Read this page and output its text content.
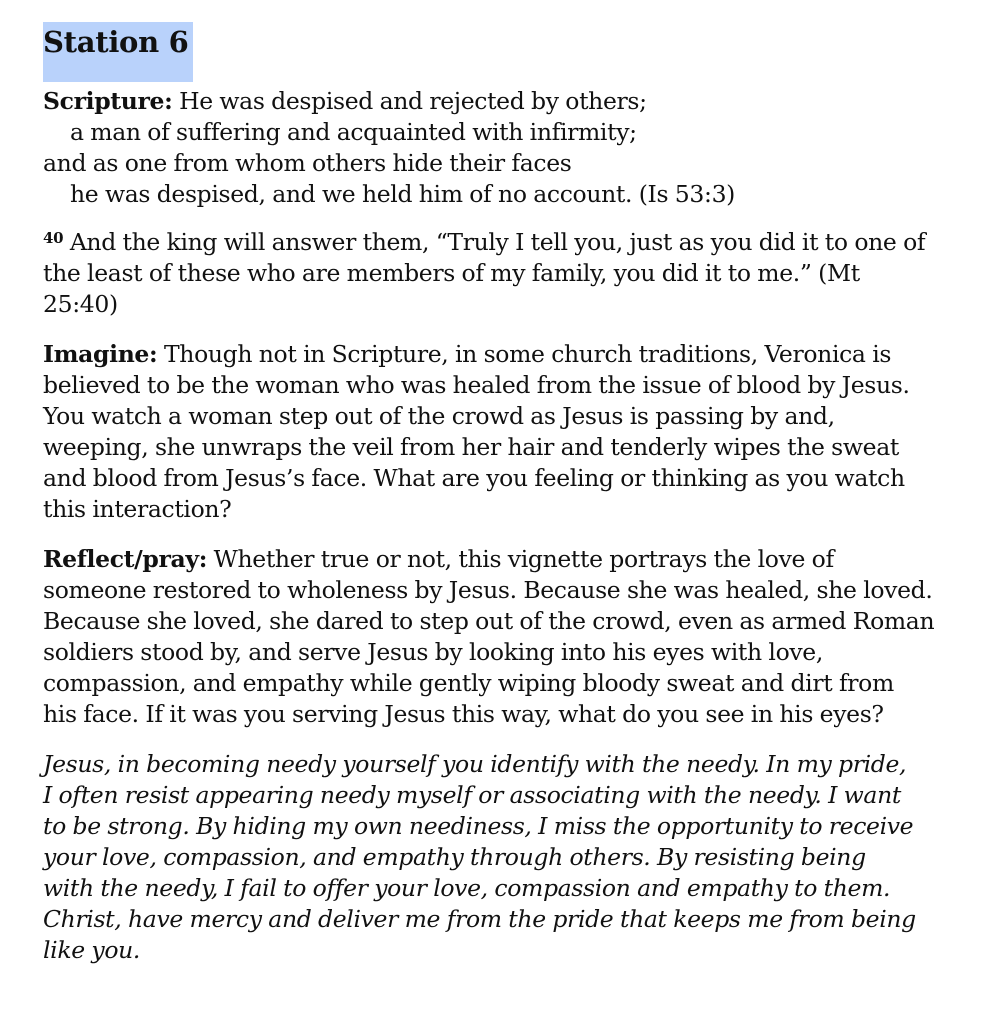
Station 6

Scripture: He was despised and rejected by others;
a man of suffering and acquainted with infirmity;
and as one from whom others hide their faces
he was despised, and we held him of no account. (Is 53:3)

$^{40}$ And the king will answer them, “Truly I tell you, just as you did it to one of
the least of these who are members of my family, you did it to me.” (Mt
25:40)

Imagine: Though not in Scripture, in some church traditions, Veronica is
believed to be the woman who was healed from the issue of blood by Jesus.
You watch a woman step out of the crowd as Jesus is passing by and,
weeping, she unwraps the veil from her hair and tenderly wipes the sweat
and blood from Jesus’s face. What are you feeling or thinking as you watch
this interaction?

Reflect/pray: Whether true or not, this vignette portrays the love of
someone restored to wholeness by Jesus. Because she was healed, she loved.
Because she loved, she dared to step out of the crowd, even as armed Roman
soldiers stood by, and serve Jesus by looking into his eyes with love,
compassion, and empathy while gently wiping bloody sweat and dirt from
his face. If it was you serving Jesus this way, what do you see in his eyes?

Jesus, in becoming needy yourself you identify with the needy. In my pride,
I often resist appearing needy myself or associating with the needy. I want
to be strong. By hiding my own neediness, I miss the opportunity to receive
your love, compassion, and empathy through others. By resisting being
with the needy, I fail to offer your love, compassion and empathy to them.
Christ, have mercy and deliver me from the pride that keeps me from being
like you.
